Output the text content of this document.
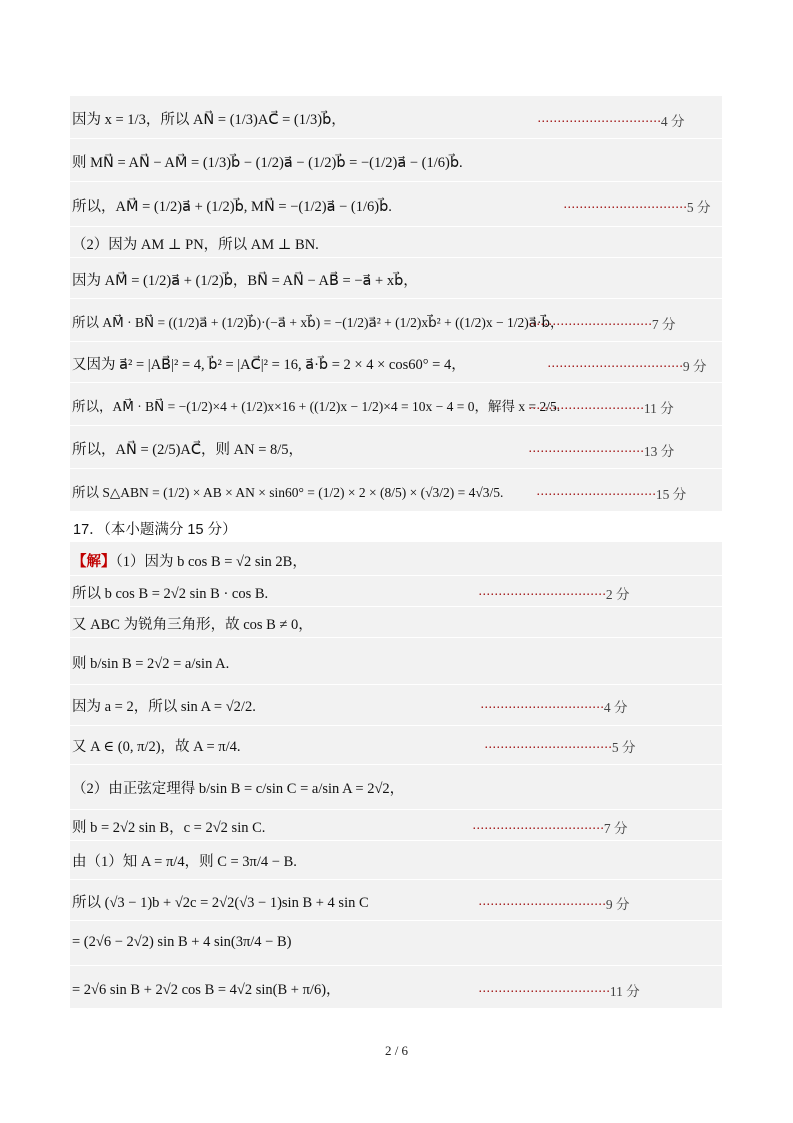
因为 x = 1/3，所以 AN⃗ = (1/3)AC⃗ = (1/3)b⃗，	·······························4 分
则 MN⃗ = AN⃗ − AM⃗ = (1/3)b⃗ − (1/2)a⃗ − (1/2)b⃗ = −(1/2)a⃗ − (1/6)b⃗.
所以，AM⃗ = (1/2)a⃗ + (1/2)b⃗, MN⃗ = −(1/2)a⃗ − (1/6)b⃗.	·······························5 分
（2）因为 AM ⊥ PN，所以 AM ⊥ BN.
因为 AM⃗ = (1/2)a⃗ + (1/2)b⃗，BN⃗ = AN⃗ − AB⃗ = −a⃗ + xb⃗，
所以 AM⃗ · BN⃗ = ((1/2)a⃗ + (1/2)b⃗)·(−a⃗ + xb⃗) = −(1/2)a⃗² + (1/2)xb⃗² + ((1/2)x − 1/2)a⃗·b⃗，
·······························7 分
又因为 a⃗² = |AB⃗|² = 4, b⃗² = |AC⃗|² = 16, a⃗·b⃗ = 2 × 4 × cos60° = 4，	··································9 分
所以，AM⃗ · BN⃗ = −(1/2)×4 + (1/2)x×16 + ((1/2)x − 1/2)×4 = 10x − 4 = 0，解得 x = 2/5.
·····························11 分
所以，AN⃗ = (2/5)AC⃗，则 AN = 8/5，	·····························13 分
所以 S△ABN = (1/2) × AB × AN × sin60° = (1/2) × 2 × (8/5) × (√3/2) = 4√3/5. ······························15 分
17．（本小题满分 15 分）
【解】（1）因为 b cos B = √2 sin 2B，
所以 b cos B = 2√2 sin B · cos B.	································2 分
又 ABC 为锐角三角形，故 cos B ≠ 0，
则 b/sin B = 2√2 = a/sin A.
因为 a = 2，所以 sin A = √2/2.	·······························4 分
又 A ∈ (0, π/2)，故 A = π/4.	································5 分
（2）由正弦定理得 b/sin B = c/sin C = a/sin A = 2√2，
则 b = 2√2 sin B，c = 2√2 sin C.	·································7 分
由（1）知 A = π/4，则 C = 3π/4 − B.
所以 (√3 − 1)b + √2c = 2√2(√3 − 1)sin B + 4 sin C	································9 分
= (2√6 − 2√2) sin B + 4 sin(3π/4 − B)
= 2√6 sin B + 2√2 cos B = 4√2 sin(B + π/6)，	·································11 分
2 / 6
